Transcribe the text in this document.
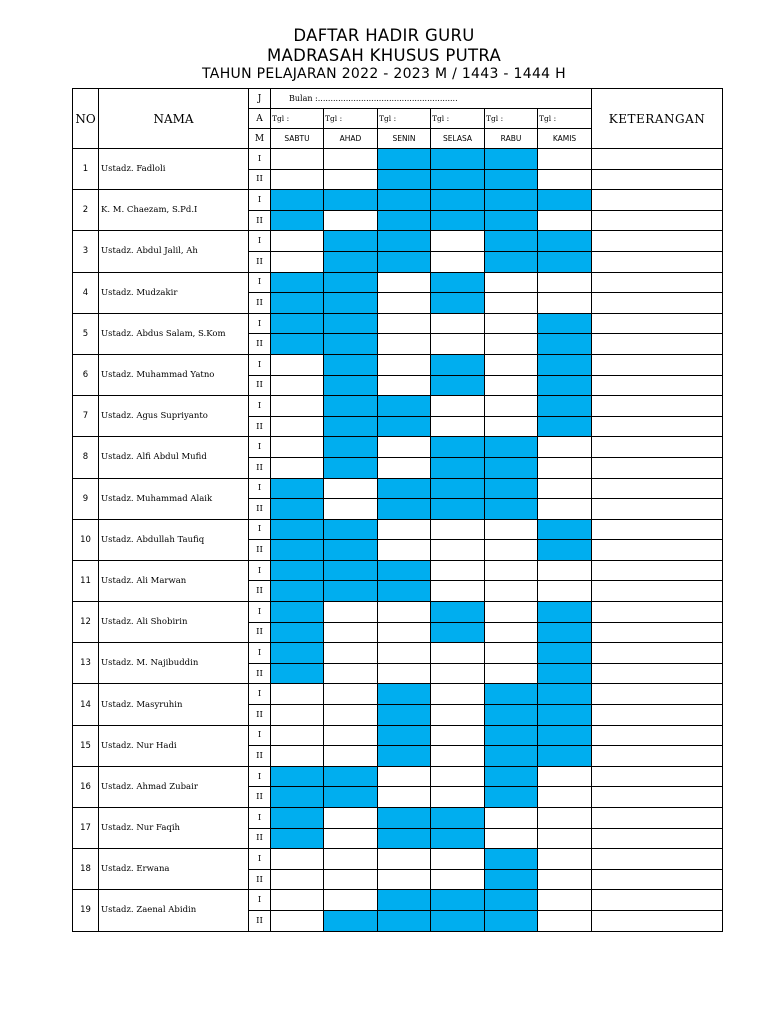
DAFTAR HADIR GURU
MADRASAH KHUSUS PUTRA
TAHUN PELAJARAN 2022 - 2023 M / 1443 - 1444 H
NO	NAMA	J	Bulan :.......................................................						KETERANGAN
		A	Tgl :	Tgl :	Tgl :	Tgl :	Tgl :	Tgl :	
		M	SABTU	AHAD	SENIN	SELASA	RABU	KAMIS	
1	Ustadz. Fadloli	I							
		II							
2	K. M. Chaezam, S.Pd.I	I							
		II							
3	Ustadz. Abdul Jalil, Ah	I							
		II							
4	Ustadz. Mudzakir	I							
		II							
5	Ustadz. Abdus Salam, S.Kom	I							
		II							
6	Ustadz. Muhammad Yatno	I							
		II							
7	Ustadz. Agus Supriyanto	I							
		II							
8	Ustadz. Alfi Abdul Mufid	I							
		II							
9	Ustadz. Muhammad Alaik	I							
		II							
10	Ustadz. Abdullah Taufiq	I							
		II							
11	Ustadz. Ali Marwan	I							
		II							
12	Ustadz. Ali Shobirin	I							
		II							
13	Ustadz. M. Najibuddin	I							
		II							
14	Ustadz. Masyruhin	I							
		II							
15	Ustadz. Nur Hadi	I							
		II							
16	Ustadz. Ahmad Zubair	I							
		II							
17	Ustadz. Nur Faqih	I							
		II							
18	Ustadz. Erwana	I							
		II							
19	Ustadz. Zaenal Abidin	I							
		II							
